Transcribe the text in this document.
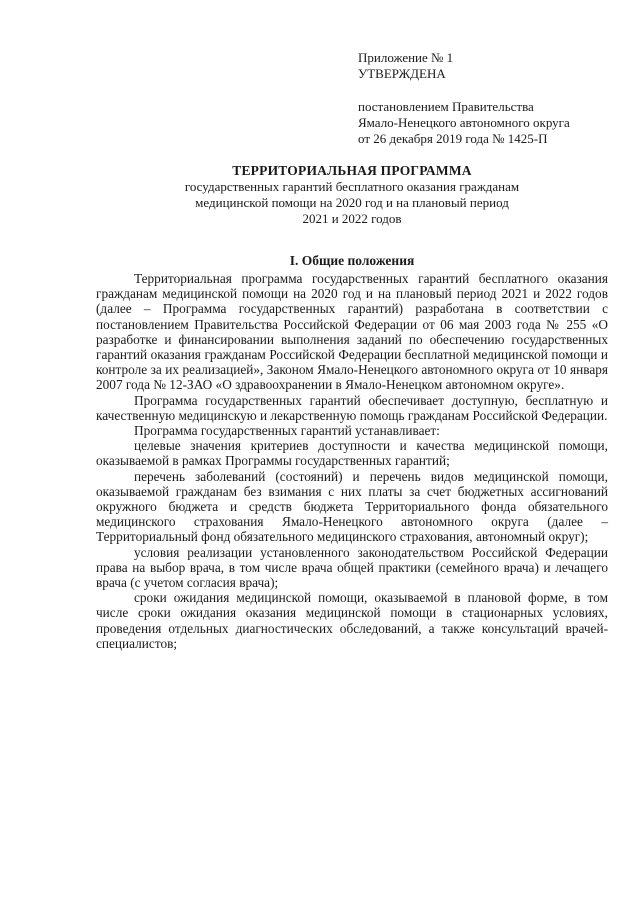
Приложение № 1
УТВЕРЖДЕНА
постановлением Правительства
Ямало-Ненецкого автономного округа
от 26 декабря 2019 года № 1425-П
ТЕРРИТОРИАЛЬНАЯ ПРОГРАММА
государственных гарантий бесплатного оказания гражданам
медицинской помощи на 2020 год и на плановый период
2021 и 2022 годов
I. Общие положения

Территориальная программа государственных гарантий бесплатного оказания гражданам медицинской помощи на 2020 год и на плановый период 2021 и 2022 годов (далее – Программа государственных гарантий) разработана в соответствии с постановлением Правительства Российской Федерации от 06 мая 2003 года № 255 «О разработке и финансировании выполнения заданий по обеспечению государственных гарантий оказания гражданам Российской Федерации бесплатной медицинской помощи и контроле за их реализацией», Законом Ямало-Ненецкого автономного округа от 10 января 2007 года № 12-ЗАО «О здравоохранении в Ямало-Ненецком автономном округе».

Программа государственных гарантий обеспечивает доступную, бесплатную и качественную медицинскую и лекарственную помощь гражданам Российской Федерации.

Программа государственных гарантий устанавливает:

целевые значения критериев доступности и качества медицинской помощи, оказываемой в рамках Программы государственных гарантий;

перечень заболеваний (состояний) и перечень видов медицинской помощи, оказываемой гражданам без взимания с них платы за счет бюджетных ассигнований окружного бюджета и средств бюджета Территориального фонда обязательного медицинского страхования Ямало-Ненецкого автономного округа (далее – Территориальный фонд обязательного медицинского страхования, автономный округ);

условия реализации установленного законодательством Российской Федерации права на выбор врача, в том числе врача общей практики (семейного врача) и лечащего врача (с учетом согласия врача);

сроки ожидания медицинской помощи, оказываемой в плановой форме, в том числе сроки ожидания оказания медицинской помощи в стационарных условиях, проведения отдельных диагностических обследований, а также консультаций врачей-специалистов;
